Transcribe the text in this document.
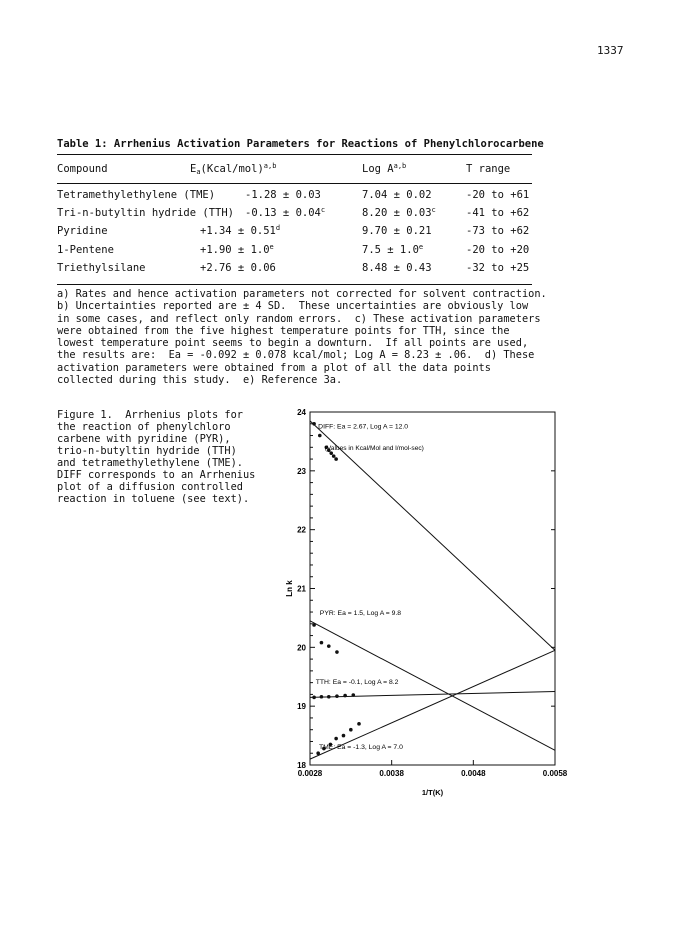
1337
Table 1: Arrhenius Activation Parameters for Reactions of Phenylchlorocarbene
Compound	$E_a(Kcal/mol)^{a,b}$	Log A$^{a,b}$	T range
Tetramethylethylene (TME)	-1.28 ± 0.03	7.04 ± 0.02	-20 to +61
Tri-n-butyltin hydride (TTH) -0.13 ± 0.04$^c$	8.20 ± 0.03$^c$	-41 to +62
Pyridine	+1.34 ± 0.51$^d$	9.70 ± 0.21	-73 to +62
1-Pentene	+1.90 ± 1.0$^e$	7.5 ± 1.0$^e$	-20 to +20
Triethylsilane	+2.76 ± 0.06	8.48 ± 0.43	-32 to +25
a) Rates and hence activation parameters not corrected for solvent contraction.
b) Uncertainties reported are ± 4 SD.  These uncertainties are obviously low
in some cases, and reflect only random errors.  c) These activation parameters
were obtained from the five highest temperature points for TTH, since the
lowest temperature point seems to begin a downturn.  If all points are used,
the results are:  Ea = -0.092 ± 0.078 kcal/mol; Log A = 8.23 ± .06.  d) These
activation parameters were obtained from a plot of all the data points
collected during this study.  e) Reference 3a.
Figure 1.  Arrhenius plots for
the reaction of phenylchloro
carbene with pyridine (PYR),
trio-n-butyltin hydride (TTH)
and tetramethylethylene (TME).
DIFF corresponds to an Arrhenius
plot of a diffusion controlled
reaction in toluene (see text).
18
19
20
21
22
23
24
0.0028	0.0038	0.0048	0.0058
1/T(K)
Ln k
DIFF: Ea = 2.67, Log A = 12.0
PYR: Ea = 1.5, Log A = 9.8
TTH: Ea = -0.1, Log A = 8.2
TME: Ea = -1.3, Log A = 7.0
(Values in Kcal/Mol and l/mol-sec)
